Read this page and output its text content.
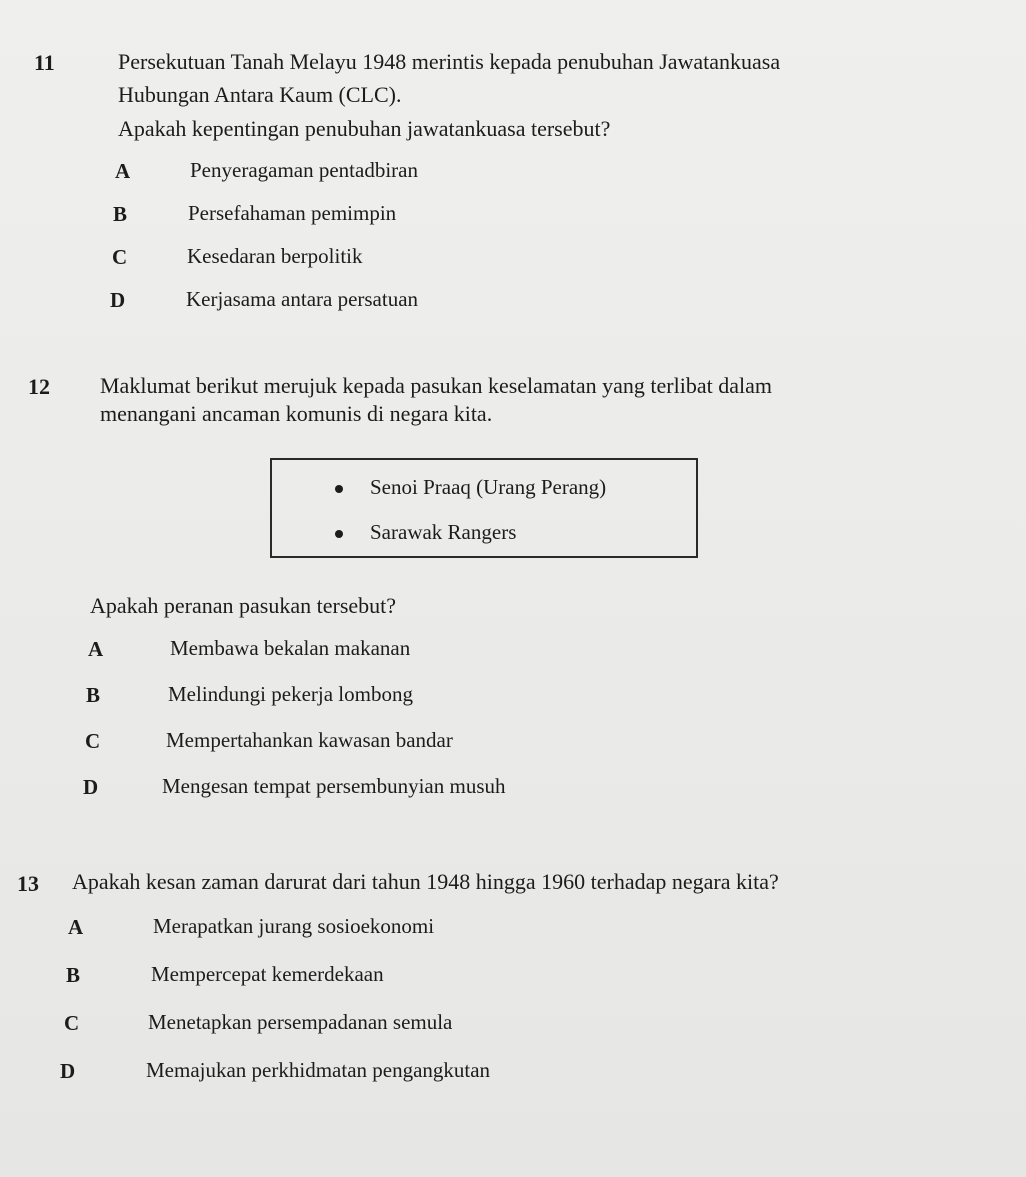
11	Persekutuan Tanah Melayu 1948 merintis kepada penubuhan Jawatankuasa
Hubungan Antara Kaum (CLC).
Apakah kepentingan penubuhan jawatankuasa tersebut?
A	Penyeragaman pentadbiran
B	Persefahaman pemimpin
C	Kesedaran berpolitik
D	Kerjasama antara persatuan
12 Maklumat berikut merujuk kepada pasukan keselamatan yang terlibat dalam
menangani ancaman komunis di negara kita.
Senoi Praaq (Urang Perang)
Sarawak Rangers
Apakah peranan pasukan tersebut?
A	Membawa bekalan makanan
B	Melindungi pekerja lombong
C	Mempertahankan kawasan bandar
D	Mengesan tempat persembunyian musuh
13 Apakah kesan zaman darurat dari tahun 1948 hingga 1960 terhadap negara kita?
A	Merapatkan jurang sosioekonomi
B	Mempercepat kemerdekaan
C	Menetapkan persempadanan semula
D	Memajukan perkhidmatan pengangkutan
